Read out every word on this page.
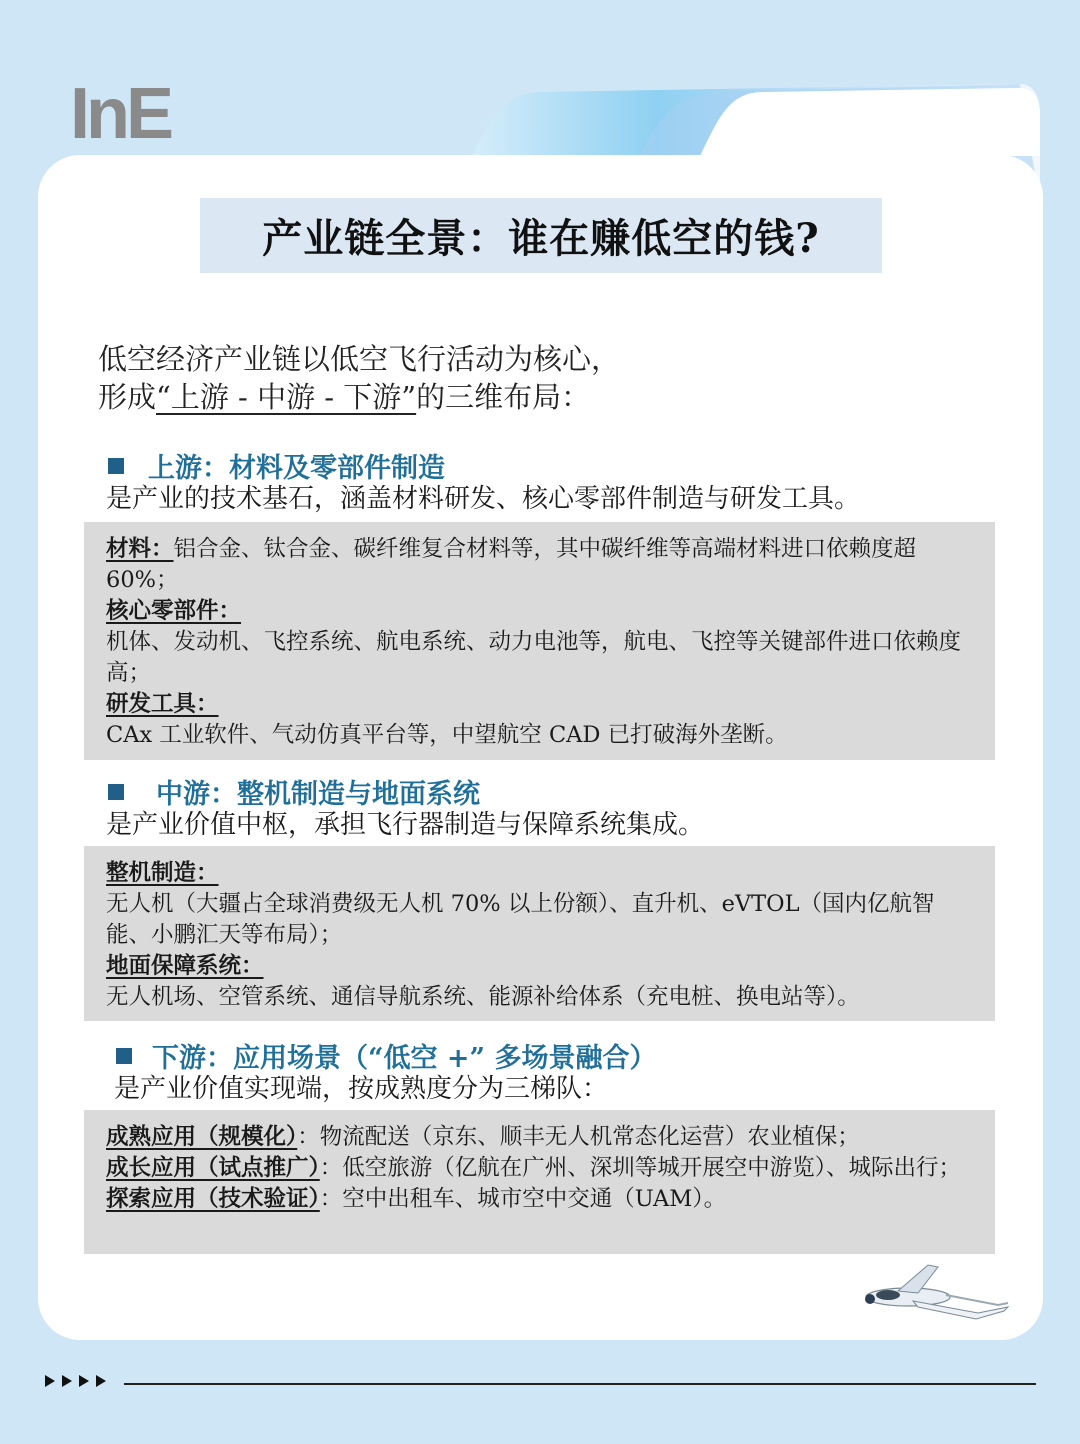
InE
产业链全景：谁在赚低空的钱?
低空经济产业链以低空飞行活动为核心，
形成“上游 - 中游 - 下游”的三维布局：
上游：材料及零部件制造
是产业的技术基石，涵盖材料研发、核心零部件制造与研发工具。

材料：铝合金、钛合金、碳纤维复合材料等，其中碳纤维等高端材料进口依赖度超 60%；

核心零部件：

机体、发动机、飞控系统、航电系统、动力电池等，航电、飞控等关键部件进口依赖度高；

研发工具：

CAx 工业软件、气动仿真平台等，中望航空 CAD 已打破海外垄断。

中游：整机制造与地面系统
是产业价值中枢，承担飞行器制造与保障系统集成。

整机制造：

无人机（大疆占全球消费级无人机 70% 以上份额）、直升机、eVTOL（国内亿航智能、小鹏汇天等布局）；

地面保障系统：

无人机场、空管系统、通信导航系统、能源补给体系（充电桩、换电站等）。

下游：应用场景（“低空 +” 多场景融合）
是产业价值实现端，按成熟度分为三梯队：

成熟应用（规模化）：物流配送（京东、顺丰无人机常态化运营）农业植保；

成长应用（试点推广）：低空旅游（亿航在广州、深圳等城开展空中游览）、城际出行；

探索应用（技术验证）：空中出租车、城市空中交通（UAM）。
